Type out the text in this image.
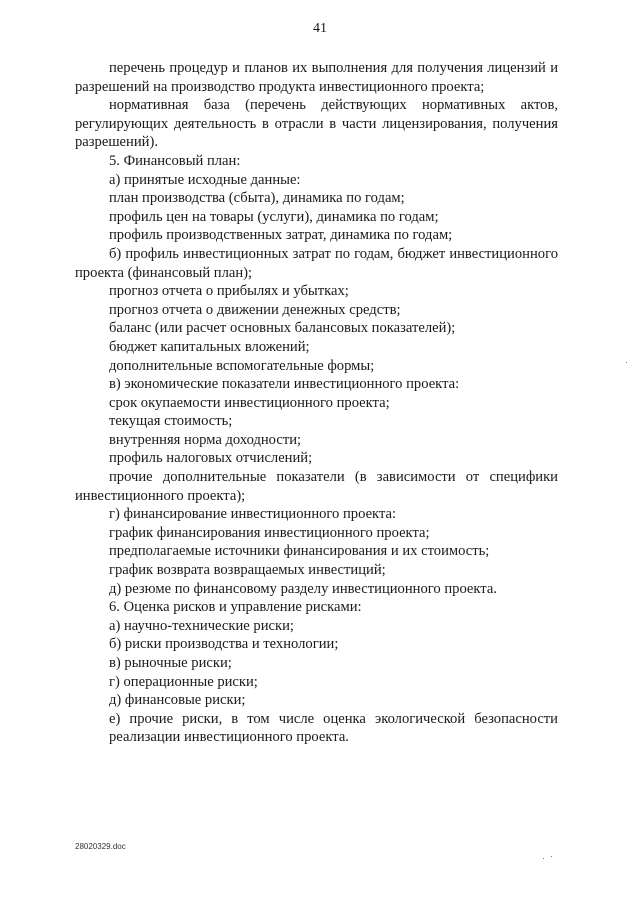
41

перечень процедур и планов их выполнения для получения лицензий и разрешений на производство продукта инвестиционного проекта;

нормативная база (перечень действующих нормативных актов, регулирующих деятельность в отрасли в части лицензирования, получения разрешений).

5. Финансовый план:

а) принятые исходные данные:

план производства (сбыта), динамика по годам;

профиль цен на товары (услуги), динамика по годам;

профиль производственных затрат, динамика по годам;

б) профиль инвестиционных затрат по годам, бюджет инвестиционного проекта (финансовый план);

прогноз отчета о прибылях и убытках;

прогноз отчета о движении денежных средств;

баланс (или расчет основных балансовых показателей);

бюджет капитальных вложений;

дополнительные вспомогательные формы;

в) экономические показатели инвестиционного проекта:

срок окупаемости инвестиционного проекта;

текущая стоимость;

внутренняя норма доходности;

профиль налоговых отчислений;

прочие дополнительные показатели (в зависимости от специфики инвестиционного проекта);

г) финансирование инвестиционного проекта:

график финансирования инвестиционного проекта;

предполагаемые источники финансирования и их стоимость;

график возврата возвращаемых инвестиций;

д) резюме по финансовому разделу инвестиционного проекта.

6. Оценка рисков и управление рисками:

а) научно-технические риски;

б) риски производства и технологии;

в) рыночные риски;

г) операционные риски;

д) финансовые риски;

е) прочие риски, в том числе оценка экологической безопасности

реализации инвестиционного проекта.

28020329.doc
